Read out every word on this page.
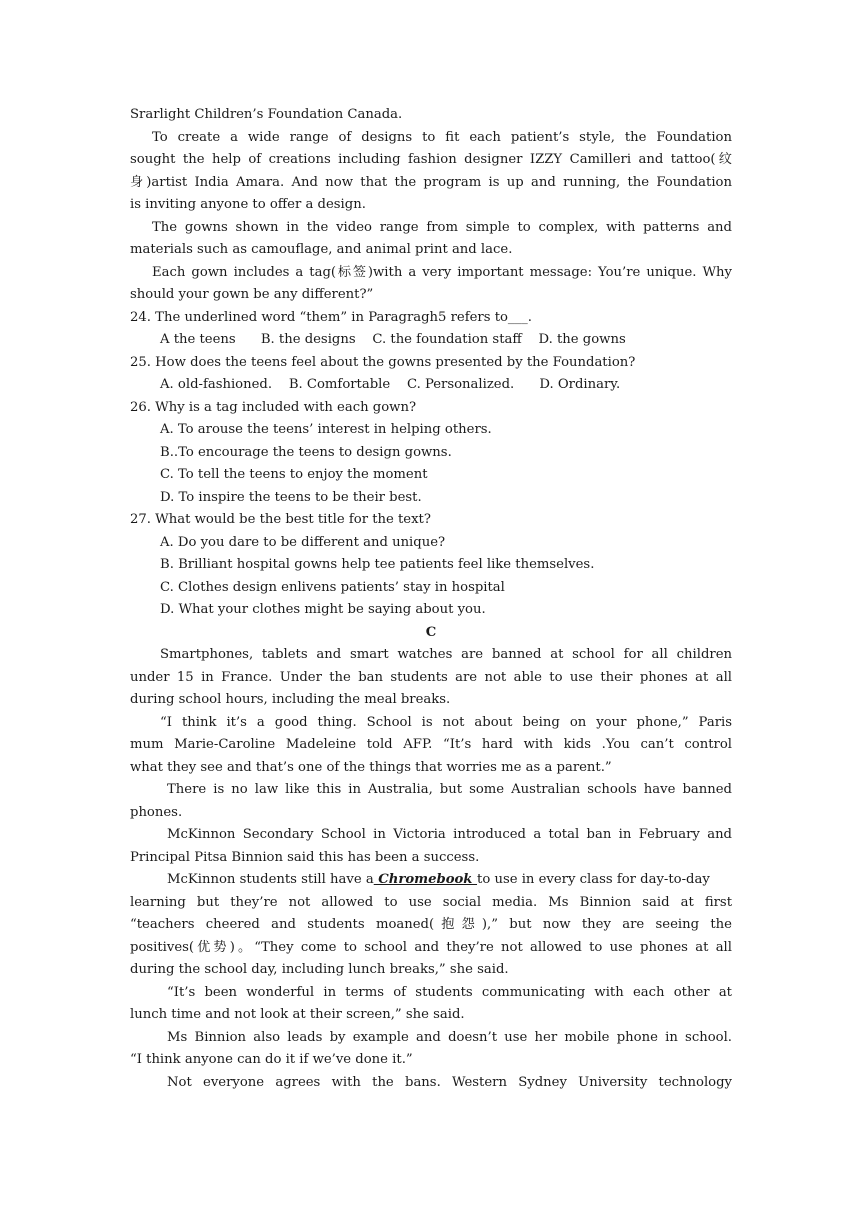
Srarlight Children’s Foundation Canada.
To create a wide range of designs to fit each patient’s style, the Foundation
sought the help of creations including fashion designer IZZY Camilleri and tattoo(纹
身)artist India Amara. And now that the program is up and running, the Foundation
is inviting anyone to offer a design.
The gowns shown in the video range from simple to complex, with patterns and
materials such as camouflage, and animal print and lace.
Each gown includes a tag(标签)with a very important message: You’re unique. Why
should your gown be any different?”
24. The underlined word “them” in Paragragh5 refers to___.
A the teens      B. the designs    C. the foundation staff    D. the gowns
25. How does the teens feel about the gowns presented by the Foundation?
A. old-fashioned.    B. Comfortable    C. Personalized.      D. Ordinary.
26. Why is a tag included with each gown?
A. To arouse the teens’ interest in helping others.
B..To encourage the teens to design gowns.
C. To tell the teens to enjoy the moment
D. To inspire the teens to be their best.
27. What would be the best title for the text?
A. Do you dare to be different and unique?
B. Brilliant hospital gowns help tee patients feel like themselves.
C. Clothes design enlivens patients’ stay in hospital
D. What your clothes might be saying about you.
C
Smartphones, tablets and smart watches are banned at school for all children
under 15 in France. Under the ban students are not able to use their phones at all
during school hours, including the meal breaks.
“I think it’s a good thing. School is not about being on your phone,” Paris
mum Marie-Caroline Madeleine told AFP. “It’s hard with kids .You can’t control
what they see and that’s one of the things that worries me as a parent.”
There is no law like this in Australia, but some Australian schools have banned
phones.
McKinnon Secondary School in Victoria introduced a total ban in February and
Principal Pitsa Binnion said this has been a success.
McKinnon students still have a Chromebook to use in every class for day-to-day
learning but they’re not allowed to use social media. Ms Binnion said at first
“teachers cheered and students moaned(抱怨),” but now they are seeing the
positives(优势)。“They come to school and they’re not allowed to use phones at all
during the school day, including lunch breaks,” she said.
“It’s been wonderful in terms of students communicating with each other at
lunch time and not look at their screen,” she said.
Ms Binnion also leads by example and doesn’t use her mobile phone in school.
“I think anyone can do it if we’ve done it.”
Not everyone agrees with the bans. Western Sydney University technology
